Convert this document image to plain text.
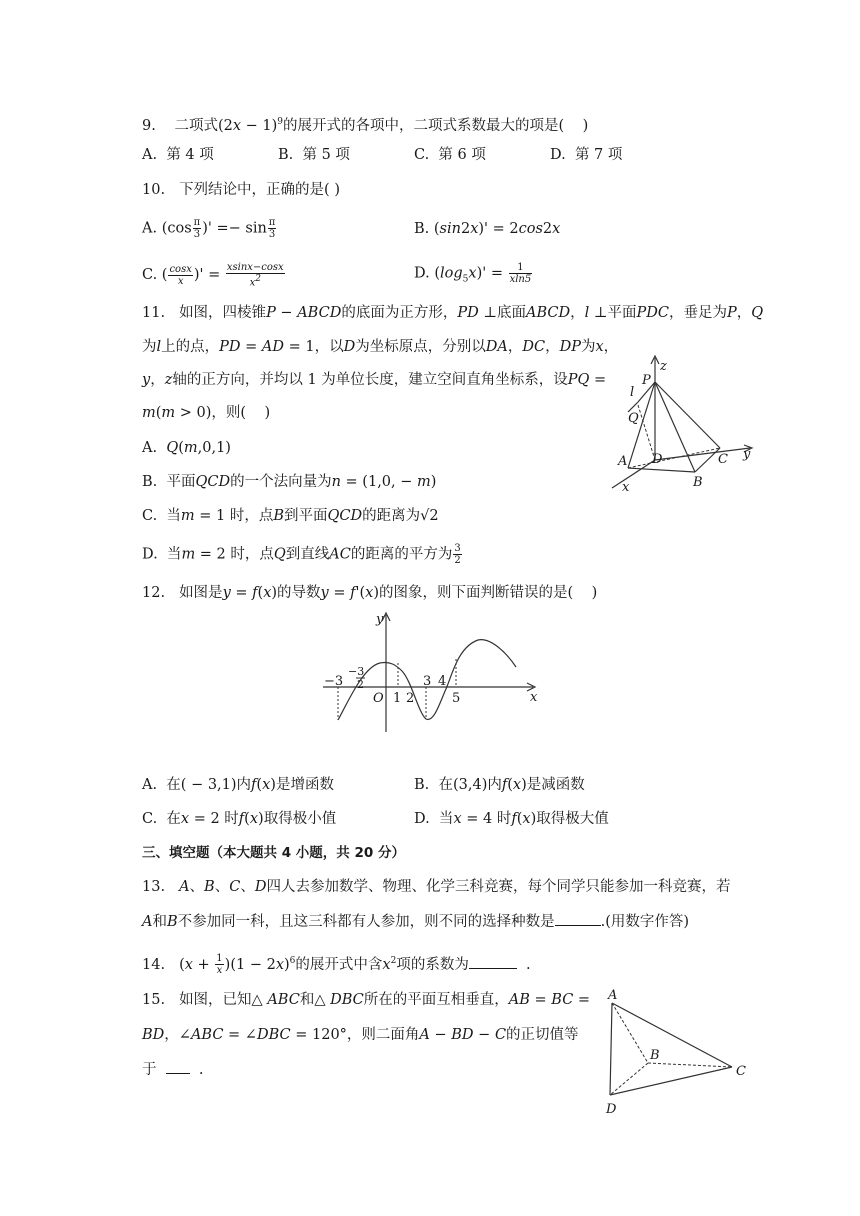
9. 二项式$(2x - 1)^9$的展开式的各项中，二项式系数最大的项是(    )
A. 第 4 项	B. 第 5 项	C. 第 6 项	D. 第 7 项
10. 下列结论中，正确的是( )
A. ($\cos \frac{\pi}{3}$ )' =− $\sin \frac{\pi}{3}$	B. (sin2x)' = 2cos2x
C. ( $\frac{\cos x}{x}$ )' = $\frac{xsinx-\cos x}{x^2}$	D. $(\log_5x)' = \frac{1}{xln5}$
11. 如图，四棱锥P − ABCD的底面为正方形，PD ⊥底面ABCD，l ⊥平面PDC，垂足为P，Q
为l上的点，PD = AD = 1，以D为坐标原点，分别以DA，DC，DP为x，
y，z轴的正方向，并均以 1 为单位长度，建立空间直角坐标系，设PQ =
m(m > 0)，则(    )
A.  Q(m,0,1)
B.  平面QCD的一个法向量为n = (1,0, − m)
C.  当m = 1 时，点B到平面QCD的距离为√2
D.  当m = 2 时，点Q到直线AC的距离的平方为 $\frac{3}{2}$
z
P
l
Q
A D	C y
B
x
12. 如图是y = f(x)的导数y = f'(x)的图象，则下面判断错误的是(    )
y
x
O
−3
−3
2
1 2
3 4
5
A.  在( − 3,1)内f(x)是增函数	B.  在(3,4)内f(x)是减函数
C.  在x = 2 时f(x)取得极小值	D.  当x = 4 时f(x)取得极大值
三、填空题（本大题共 4 小题，共 20 分）
13. A、B、C、D四人去参加数学、物理、化学三科竞赛，每个同学只能参加一科竞赛，若
A和B不参加同一科，且这三科都有人参加，则不同的选择种数是	.(用数字作答)
14. $(x + \frac{1}{x} )(1 - 2x)^6$的展开式中含$x^2$项的系数为	.
15. 如图，已知△ ABC和△ DBC所在的平面互相垂直，AB = BC =
BD，∠ABC = ∠DBC = 120°，则二面角A − BD − C的正切值等
于    .
A
B
C
D
